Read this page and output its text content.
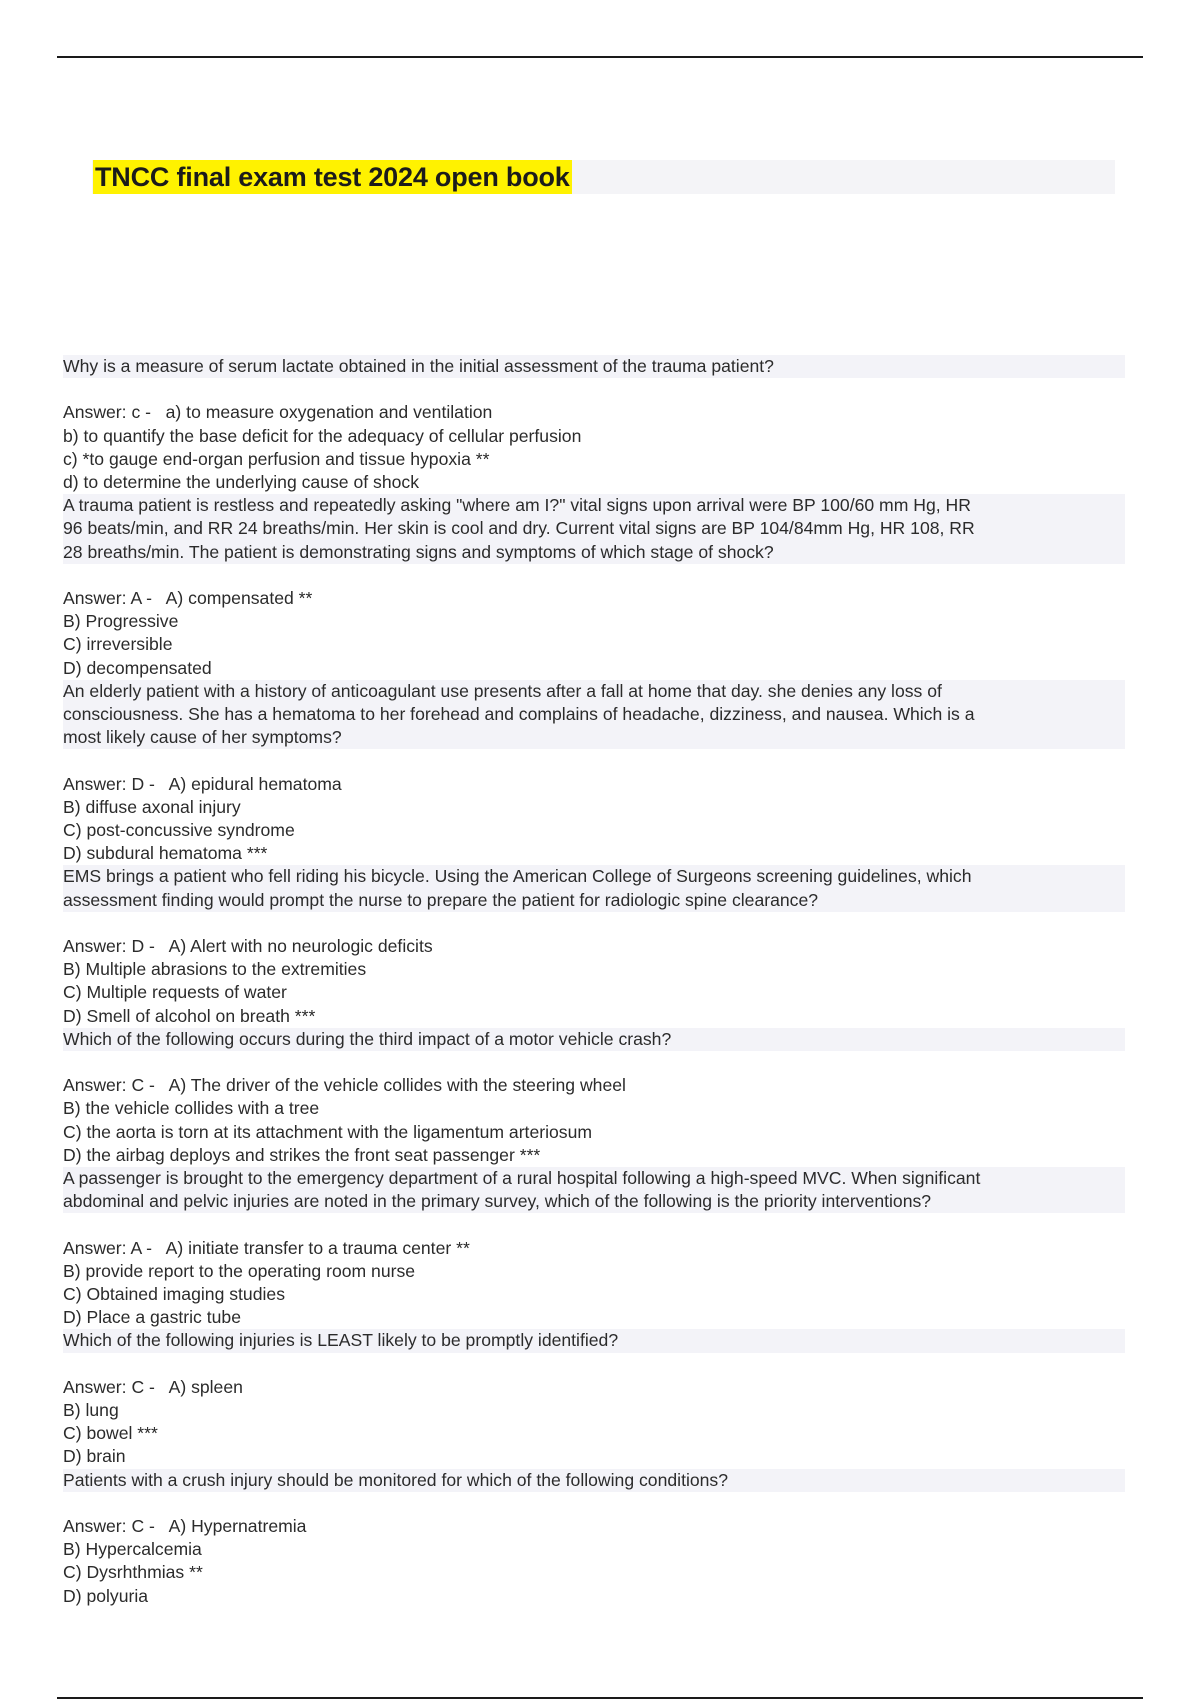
TNCC final exam test 2024 open book
Why is a measure of serum lactate obtained in the initial assessment of the trauma patient?
Answer: c -   a) to measure oxygenation and ventilation
b) to quantify the base deficit for the adequacy of cellular perfusion
c) *to gauge end-organ perfusion and tissue hypoxia **
d) to determine the underlying cause of shock
A trauma patient is restless and repeatedly asking "where am I?" vital signs upon arrival were BP 100/60 mm Hg, HR
96 beats/min, and RR 24 breaths/min. Her skin is cool and dry. Current vital signs are BP 104/84mm Hg, HR 108, RR
28 breaths/min. The patient is demonstrating signs and symptoms of which stage of shock?
Answer: A -   A) compensated **
B) Progressive
C) irreversible
D) decompensated
An elderly patient with a history of anticoagulant use presents after a fall at home that day. she denies any loss of
consciousness. She has a hematoma to her forehead and complains of headache, dizziness, and nausea. Which is a
most likely cause of her symptoms?
Answer: D -   A) epidural hematoma
B) diffuse axonal injury
C) post-concussive syndrome
D) subdural hematoma ***
EMS brings a patient who fell riding his bicycle. Using the American College of Surgeons screening guidelines, which
assessment finding would prompt the nurse to prepare the patient for radiologic spine clearance?
Answer: D -   A) Alert with no neurologic deficits
B) Multiple abrasions to the extremities
C) Multiple requests of water
D) Smell of alcohol on breath ***
Which of the following occurs during the third impact of a motor vehicle crash?
Answer: C -   A) The driver of the vehicle collides with the steering wheel
B) the vehicle collides with a tree
C) the aorta is torn at its attachment with the ligamentum arteriosum
D) the airbag deploys and strikes the front seat passenger ***
A passenger is brought to the emergency department of a rural hospital following a high-speed MVC. When significant
abdominal and pelvic injuries are noted in the primary survey, which of the following is the priority interventions?
Answer: A -   A) initiate transfer to a trauma center **
B) provide report to the operating room nurse
C) Obtained imaging studies
D) Place a gastric tube
Which of the following injuries is LEAST likely to be promptly identified?
Answer: C -   A) spleen
B) lung
C) bowel ***
D) brain
Patients with a crush injury should be monitored for which of the following conditions?
Answer: C -   A) Hypernatremia
B) Hypercalcemia
C) Dysrhthmias **
D) polyuria
